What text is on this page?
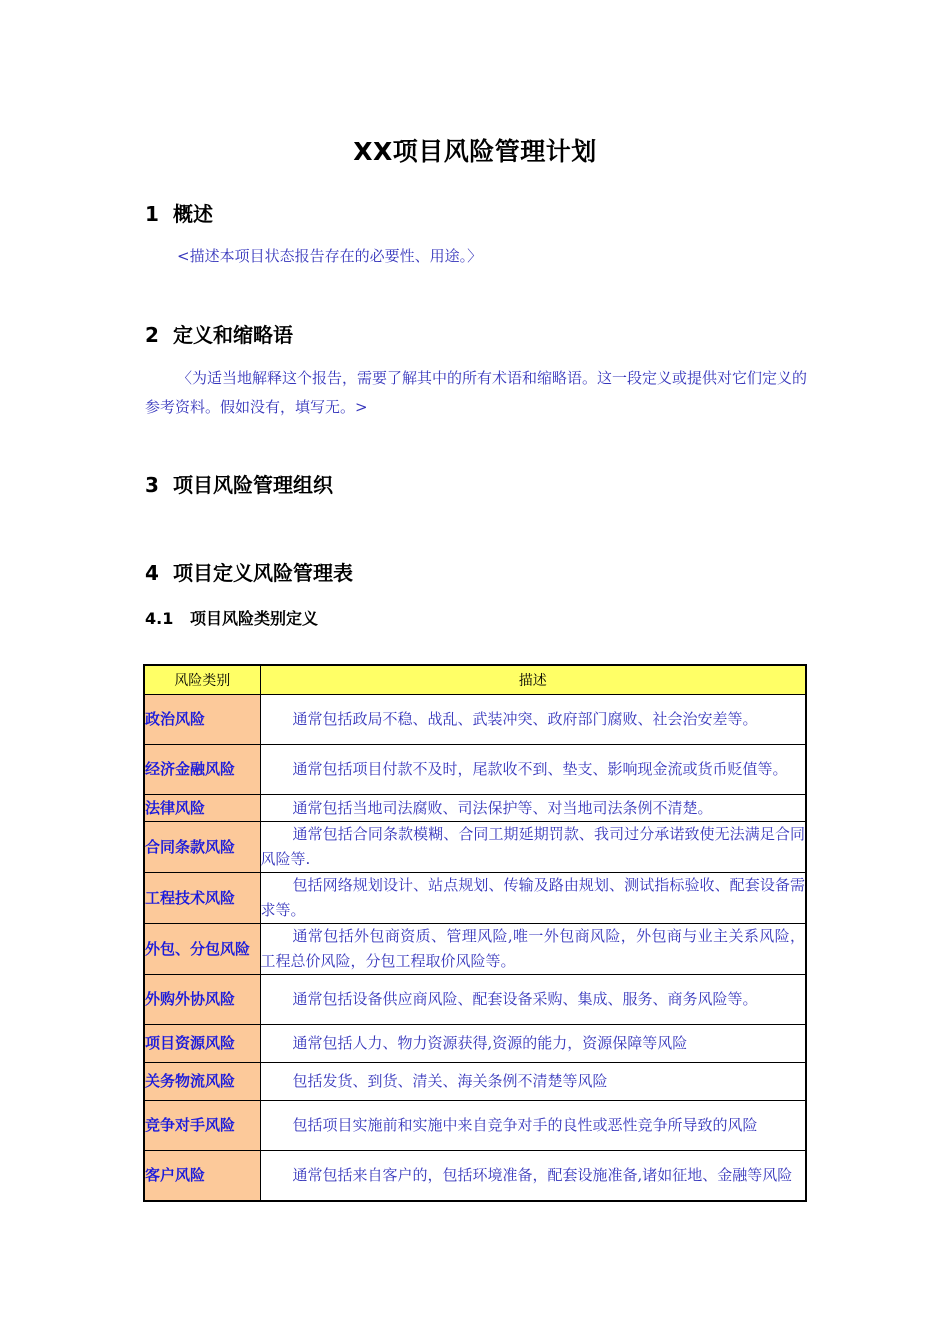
XX项目风险管理计划
1 概述
<描述本项目状态报告存在的必要性、用途。〉
2 定义和缩略语
〈为适当地解释这个报告，需要了解其中的所有术语和缩略语。这一段定义或提供对它们定义的参考资料。假如没有，填写无。>
3 项目风险管理组织
4 项目定义风险管理表
4.1 项目风险类别定义
风险类别	描述
政治风险	通常包括政局不稳、战乱、武装冲突、政府部门腐败、社会治安差等。
经济金融风险	通常包括项目付款不及时，尾款收不到、垫支、影响现金流或货币贬值等。
法律风险	通常包括当地司法腐败、司法保护等、对当地司法条例不清楚。
合同条款风险	通常包括合同条款模糊、合同工期延期罚款、我司过分承诺致使无法满足合同风险等.
工程技术风险	包括网络规划设计、站点规划、传输及路由规划、测试指标验收、配套设备需求等。
外包、分包风险	通常包括外包商资质、管理风险,唯一外包商风险，外包商与业主关系风险，工程总价风险，分包工程取价风险等。
外购外协风险	通常包括设备供应商风险、配套设备采购、集成、服务、商务风险等。
项目资源风险	通常包括人力、物力资源获得,资源的能力，资源保障等风险
关务物流风险	包括发货、到货、清关、海关条例不清楚等风险
竞争对手风险	包括项目实施前和实施中来自竞争对手的良性或恶性竞争所导致的风险
客户风险	通常包括来自客户的，包括环境准备，配套设施准备,诸如征地、金融等风险
